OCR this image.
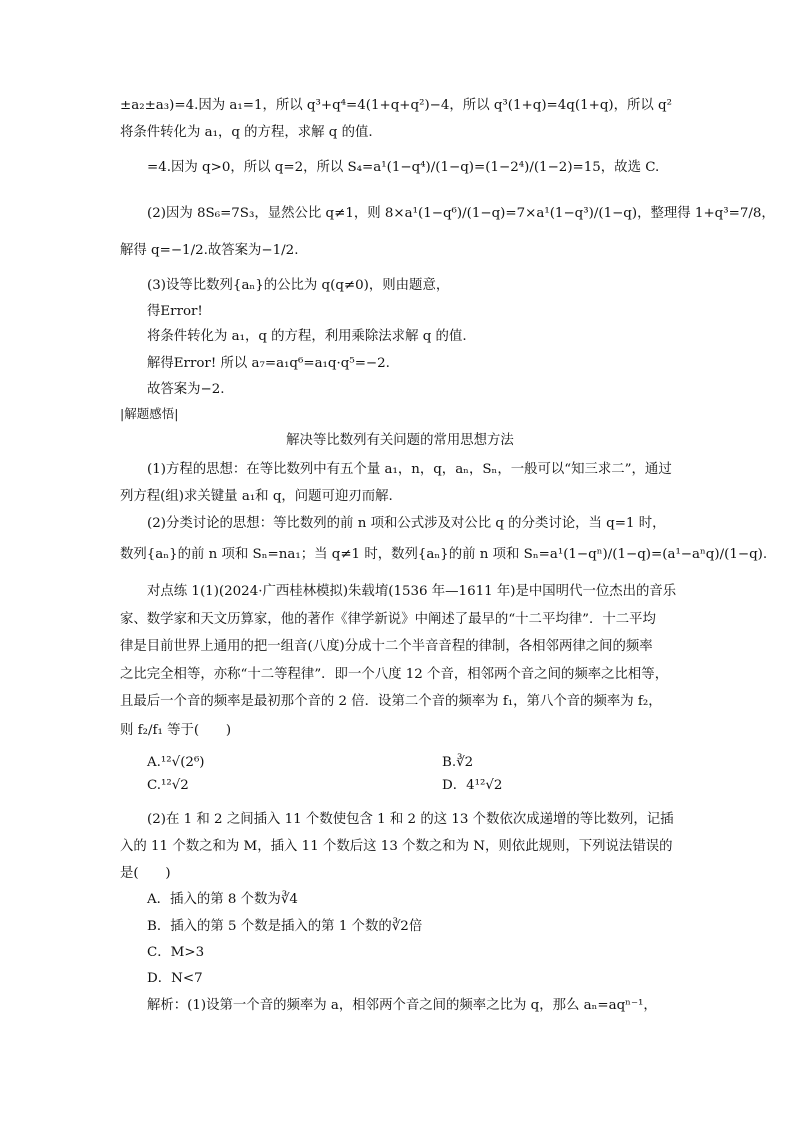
±a₂±a₃)=4.因为 a₁=1，所以 q³+q⁴=4(1+q+q²)−4，所以 q³(1+q)=4q(1+q)，所以 q²
将条件转化为 a₁，q 的方程，求解 q 的值.
=4.因为 q>0，所以 q=2，所以 S₄=a¹(1−q⁴)/(1−q)=(1−2⁴)/(1−2)=15，故选 C.
(2)因为 8S₆=7S₃，显然公比 q≠1，则 8×a¹(1−q⁶)/(1−q)=7×a¹(1−q³)/(1−q)，整理得 1+q³=7/8，
解得 q=−1/2.故答案为−1/2.
(3)设等比数列{aₙ}的公比为 q(q≠0)，则由题意，
得Error!
将条件转化为 a₁，q 的方程，利用乘除法求解 q 的值.
解得Error! 所以 a₇=a₁q⁶=a₁q·q⁵=−2.
故答案为−2.
|解题感悟|
解决等比数列有关问题的常用思想方法
(1)方程的思想：在等比数列中有五个量 a₁，n，q，aₙ，Sₙ，一般可以“知三求二”，通过
列方程(组)求关键量 a₁和 q，问题可迎刃而解.
(2)分类讨论的思想：等比数列的前 n 项和公式涉及对公比 q 的分类讨论，当 q=1 时，
数列{aₙ}的前 n 项和 Sₙ=na₁；当 q≠1 时，数列{aₙ}的前 n 项和 Sₙ=a¹(1−qⁿ)/(1−q)=(a¹−aⁿq)/(1−q).
对点练 1(1)(2024·广西桂林模拟)朱载堉(1536 年—1611 年)是中国明代一位杰出的音乐
家、数学家和天文历算家，他的著作《律学新说》中阐述了最早的“十二平均律”．十二平均
律是目前世界上通用的把一组音(八度)分成十二个半音音程的律制，各相邻两律之间的频率
之比完全相等，亦称“十二等程律”．即一个八度 12 个音，相邻两个音之间的频率之比相等，
且最后一个音的频率是最初那个音的 2 倍．设第二个音的频率为 f₁，第八个音的频率为 f₂，
则 f₂/f₁ 等于(　　)
A.¹²√(2⁶)	B.∛2
C.¹²√2	D．4¹²√2
(2)在 1 和 2 之间插入 11 个数使包含 1 和 2 的这 13 个数依次成递增的等比数列，记插
入的 11 个数之和为 M，插入 11 个数后这 13 个数之和为 N，则依此规则，下列说法错误的
是(　　)
A．插入的第 8 个数为∛4
B．插入的第 5 个数是插入的第 1 个数的∛2倍
C．M>3
D．N<7
解析：(1)设第一个音的频率为 a，相邻两个音之间的频率之比为 q，那么 aₙ=aqⁿ⁻¹，
